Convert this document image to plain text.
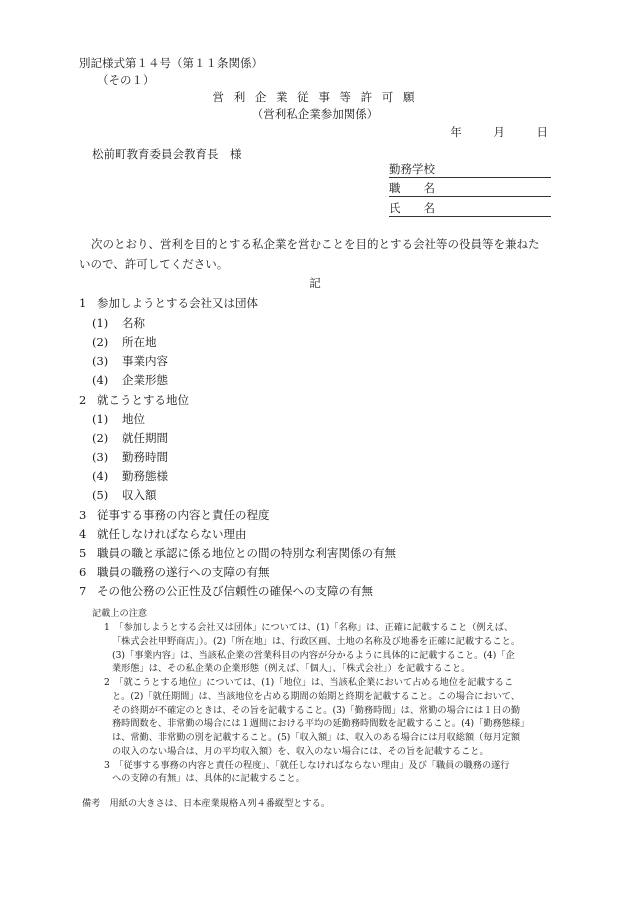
別記様式第１４号（第１１条関係）
（その１）
営 利 企 業 従 事 等 許 可 願
（営利私企業参加関係）
年	月	日
松前町教育委員会教育長　様
勤務学校
職　　名
氏　　名
次のとおり、営利を目的とする私企業を営むことを目的とする会社等の役員等を兼ねたいので、許可してください。
記
1 参加しようとする会社又は団体
(1) 名称
(2) 所在地
(3) 事業内容
(4) 企業形態
2 就こうとする地位
(1) 地位
(2) 就任期間
(3) 勤務時間
(4) 勤務態様
(5) 収入額
3 従事する事務の内容と責任の程度
4 就任しなければならない理由
5 職員の職と承認に係る地位との間の特別な利害関係の有無
6 職員の職務の遂行への支障の有無
7 その他公務の公正性及び信頼性の確保への支障の有無
記載上の注意
1　「参加しようとする会社又は団体」については、(1)「名称」は、正確に記載すること（例えば、
「株式会社甲野商店」）。(2)「所在地」は、行政区画、土地の名称及び地番を正確に記載すること。
(3)「事業内容」は、当該私企業の営業科目の内容が分かるように具体的に記載すること。(4)「企
業形態」は、その私企業の企業形態（例えば、「個人」、「株式会社」）を記載すること。
2　「就こうとする地位」については、(1)「地位」は、当該私企業において占める地位を記載するこ
と。(2)「就任期間」は、当該地位を占める期間の始期と終期を記載すること。この場合において、
その終期が不確定のときは、その旨を記載すること。(3)「勤務時間」は、常勤の場合には１日の勤
務時間数を、非常勤の場合には１週間における平均の延勤務時間数を記載すること。(4)「勤務態様」
は、常勤、非常勤の別を記載すること。(5)「収入額」は、収入のある場合には月収総額（毎月定額
の収入のない場合は、月の平均収入額）を、収入のない場合には、その旨を記載すること。
3　「従事する事務の内容と責任の程度」、「就任しなければならない理由」及び「職員の職務の遂行
への支障の有無」は、具体的に記載すること。
備考　用紙の大きさは、日本産業規格Ａ列４番縦型とする。
